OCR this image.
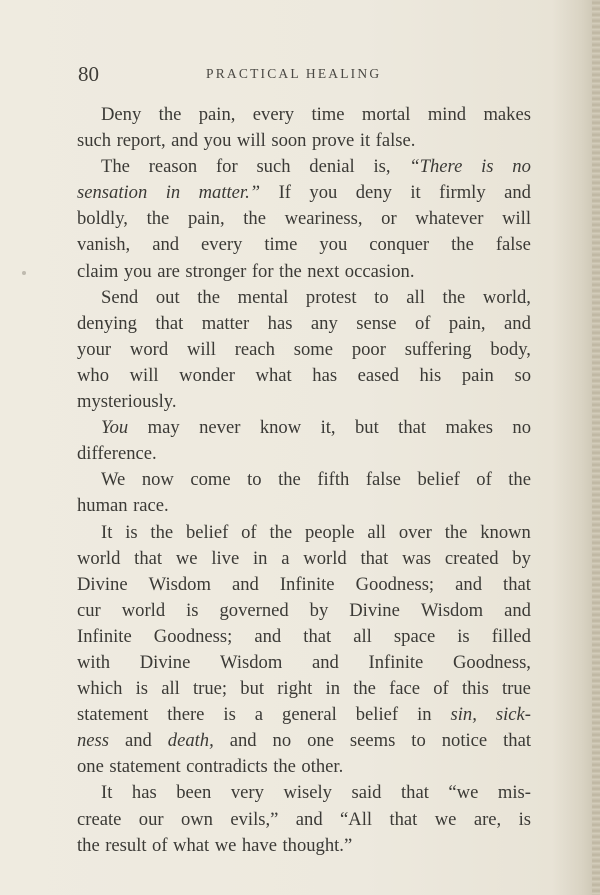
80	PRACTICAL HEALING
Deny the pain, every time mortal mind makes
such report, and you will soon prove it false.
The reason for such denial is, “There is no
sensation in matter.” If you deny it firmly and
boldly, the pain, the weariness, or whatever will
vanish, and every time you conquer the false
claim you are stronger for the next occasion.
Send out the mental protest to all the world,
denying that matter has any sense of pain, and
your word will reach some poor suffering body,
who will wonder what has eased his pain so
mysteriously.
You may never know it, but that makes no
difference.
We now come to the fifth false belief of the
human race.
It is the belief of the people all over the known
world that we live in a world that was created by
Divine Wisdom and Infinite Goodness; and that
cur world is governed by Divine Wisdom and
Infinite Goodness; and that all space is filled
with Divine Wisdom and Infinite Goodness,
which is all true; but right in the face of this true
statement there is a general belief in sin, sick-
ness and death, and no one seems to notice that
one statement contradicts the other.
It has been very wisely said that “we mis-
create our own evils,” and “All that we are, is
the result of what we have thought.”
